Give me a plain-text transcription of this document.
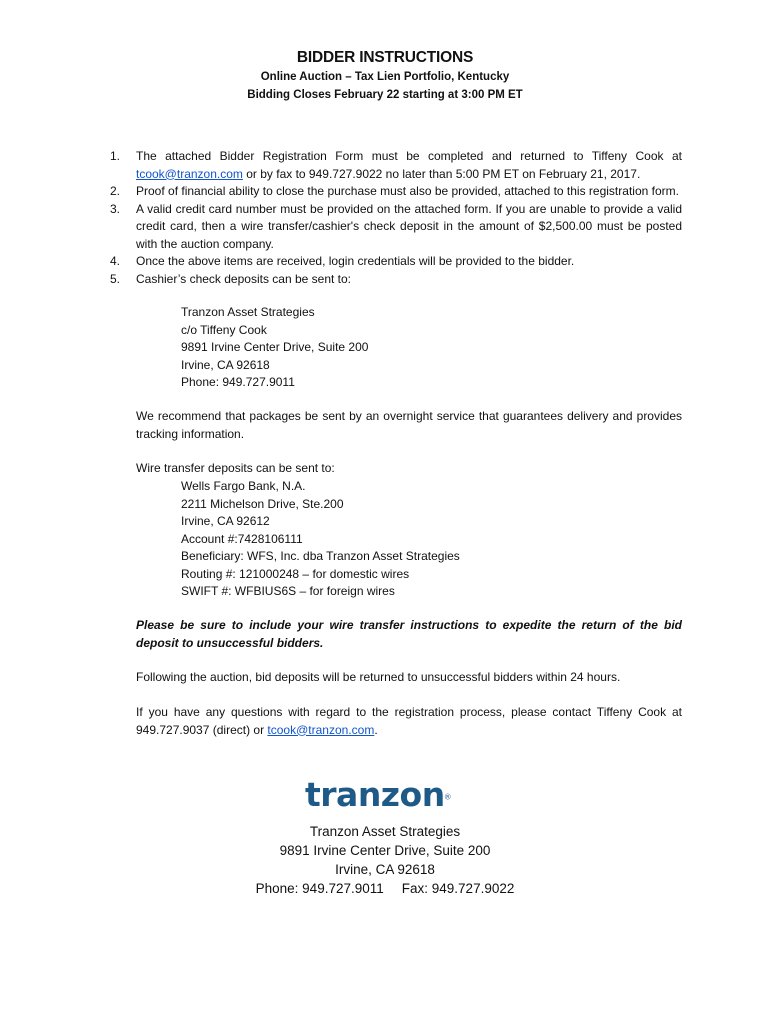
BIDDER INSTRUCTIONS
Online Auction – Tax Lien Portfolio, Kentucky
Bidding Closes February 22 starting at 3:00 PM ET
1. The attached Bidder Registration Form must be completed and returned to Tiffeny Cook at tcook@tranzon.com or by fax to 949.727.9022 no later than 5:00 PM ET on February 21, 2017.
2. Proof of financial ability to close the purchase must also be provided, attached to this registration form.
3. A valid credit card number must be provided on the attached form. If you are unable to provide a valid credit card, then a wire transfer/cashier's check deposit in the amount of $2,500.00 must be posted with the auction company.
4. Once the above items are received, login credentials will be provided to the bidder.
5. Cashier’s check deposits can be sent to:
Tranzon Asset Strategies
c/o Tiffeny Cook
9891 Irvine Center Drive, Suite 200
Irvine, CA 92618
Phone: 949.727.9011
We recommend that packages be sent by an overnight service that guarantees delivery and provides tracking information.
Wire transfer deposits can be sent to:
Wells Fargo Bank, N.A.
2211 Michelson Drive, Ste.200
Irvine, CA 92612
Account #:7428106111
Beneficiary: WFS, Inc. dba Tranzon Asset Strategies
Routing #: 121000248 – for domestic wires
SWIFT #: WFBIUS6S – for foreign wires
Please be sure to include your wire transfer instructions to expedite the return of the bid deposit to unsuccessful bidders.
Following the auction, bid deposits will be returned to unsuccessful bidders within 24 hours.
If you have any questions with regard to the registration process, please contact Tiffeny Cook at 949.727.9037 (direct) or tcook@tranzon.com.
tranzon®
Tranzon Asset Strategies
9891 Irvine Center Drive, Suite 200
Irvine, CA 92618
Phone: 949.727.9011 Fax: 949.727.9022
